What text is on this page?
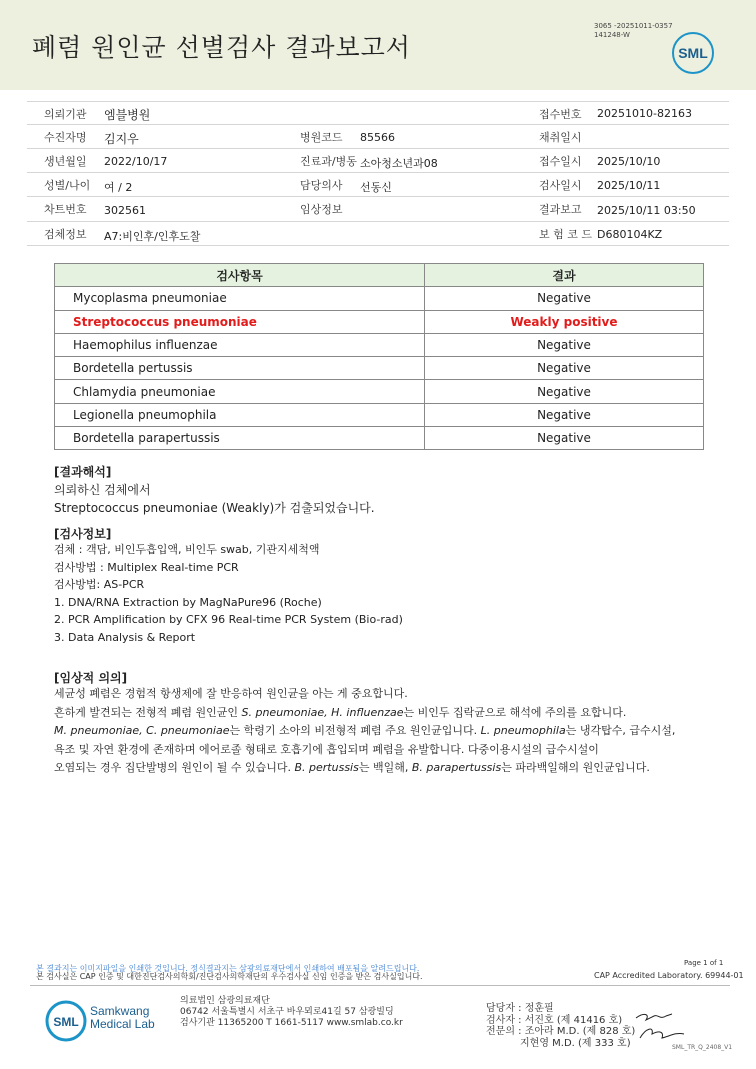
폐렴 원인균 선별검사 결과보고서
3065 -20251011-0357
141248-W
SML
의뢰기관 엠블병원	접수번호 20251010-82163
수진자명 김지우	병원코드 85566	채취일시
생년월일 2022/10/17	진료과/병동 소아청소년과08	접수일시 2025/10/10
성별/나이 여 / 2	담당의사 선동신	검사일시 2025/10/11
차트번호 302561	임상정보	결과보고 2025/10/11 03:50
검체정보 A7:비인후/인후도찰	보 험 코 드 D680104KZ
검사항목	결과
Mycoplasma pneumoniae	Negative
Streptococcus pneumoniae	Weakly positive
Haemophilus influenzae	Negative
Bordetella pertussis	Negative
Chlamydia pneumoniae	Negative
Legionella pneumophila	Negative
Bordetella parapertussis	Negative
[결과해석]
의뢰하신 검체에서
Streptococcus pneumoniae (Weakly)가 검출되었습니다.
[검사정보]
검체 : 객담, 비인두흡입액, 비인두 swab, 기관지세척액
검사방법 : Multiplex Real-time PCR
검사방법: AS-PCR
1. DNA/RNA Extraction by MagNaPure96 (Roche)
2. PCR Amplification by CFX 96 Real-time PCR System (Bio-rad)
3. Data Analysis & Report
[임상적 의의]
세균성 폐렴은 경험적 항생제에 잘 반응하여 원인균을 아는 게 중요합니다.
흔하게 발견되는 전형적 폐렴 원인균인 S. pneumoniae, H. influenzae는 비인두 집락균으로 해석에 주의를 요합니다.
M. pneumoniae, C. pneumoniae는 학령기 소아의 비전형적 폐렴 주요 원인균입니다. L. pneumophila는 냉각탑수, 급수시설,
욕조 및 자연 환경에 존재하며 에어로졸 형태로 호흡기에 흡입되며 폐렴을 유발합니다. 다중이용시설의 급수시설이
오염되는 경우 집단발병의 원인이 될 수 있습니다. B. pertussis는 백일해, B. parapertussis는 파라백일해의 원인균입니다.
본 결과지는 이미지파일을 인쇄한 것입니다. 정식결과지는 삼광의료재단에서 인쇄하여 배포됨을 알려드립니다.
본 검사실은 CAP 인증 및 대한진단검사의학회/진단검사의학재단의 우수검사실 신임 인증을 받은 검사실입니다.
Page 1 of 1
CAP Accredited Laboratory. 69944-01
SML
Samkwang
Medical Lab
의료법인 삼광의료재단
06742 서울특별시 서초구 바우뫼로41길 57 삼광빌딩
검사기관 11365200 T 1661-5117 www.smlab.co.kr
담당자 : 정훈필
검사자 : 서진호 (제 41416 호)
전문의 : 조아라 M.D. (제 828 호)
지현영 M.D. (제 333 호)	SML_TR_Q_2408_V1
